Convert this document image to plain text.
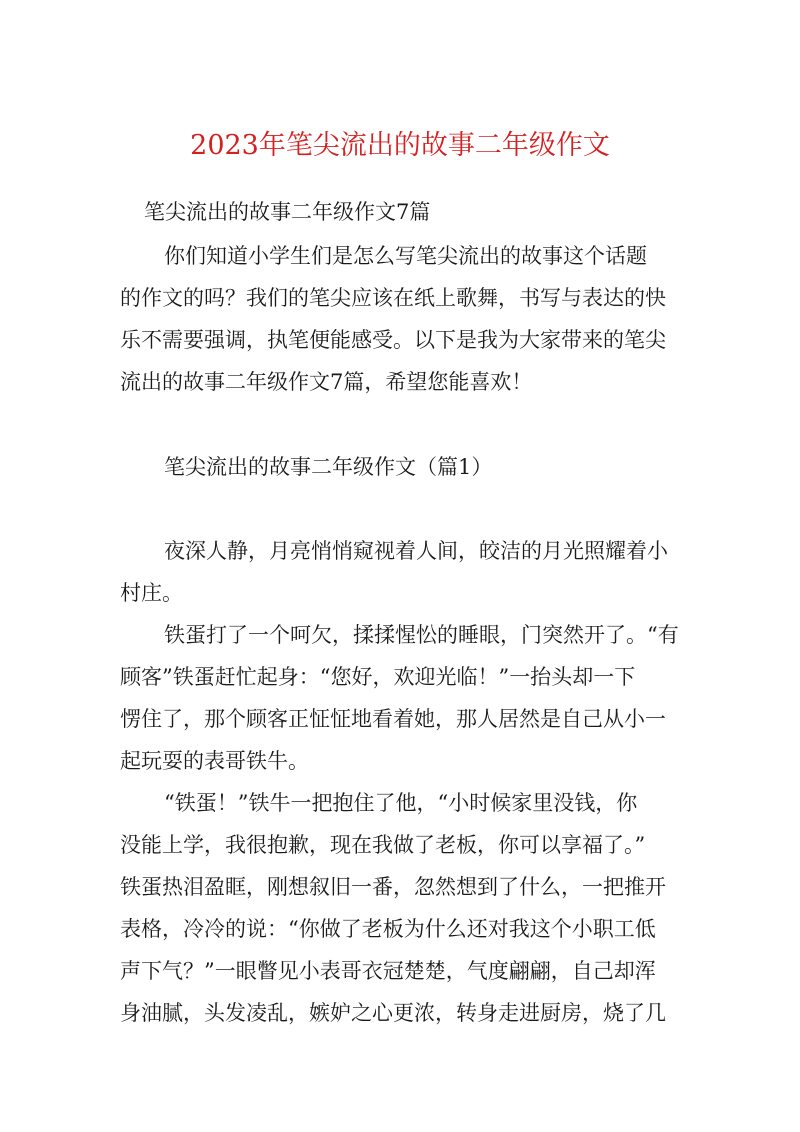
2023年笔尖流出的故事二年级作文
笔尖流出的故事二年级作文7篇
你们知道小学生们是怎么写笔尖流出的故事这个话题
的作文的吗？我们的笔尖应该在纸上歌舞，书写与表达的快
乐不需要强调，执笔便能感受。以下是我为大家带来的笔尖
流出的故事二年级作文7篇，希望您能喜欢！
笔尖流出的故事二年级作文（篇1）
夜深人静，月亮悄悄窥视着人间，皎洁的月光照耀着小
村庄。
铁蛋打了一个呵欠，揉揉惺忪的睡眼，门突然开了。“有
顾客”铁蛋赶忙起身：“您好，欢迎光临！”一抬头却一下
愣住了，那个顾客正怔怔地看着她，那人居然是自己从小一
起玩耍的表哥铁牛。
“铁蛋！”铁牛一把抱住了他，“小时候家里没钱，你
没能上学，我很抱歉，现在我做了老板，你可以享福了。”
铁蛋热泪盈眶，刚想叙旧一番，忽然想到了什么，一把推开
表格，冷冷的说：“你做了老板为什么还对我这个小职工低
声下气？”一眼瞥见小表哥衣冠楚楚，气度翩翩，自己却浑
身油腻，头发凌乱，嫉妒之心更浓，转身走进厨房，烧了几
